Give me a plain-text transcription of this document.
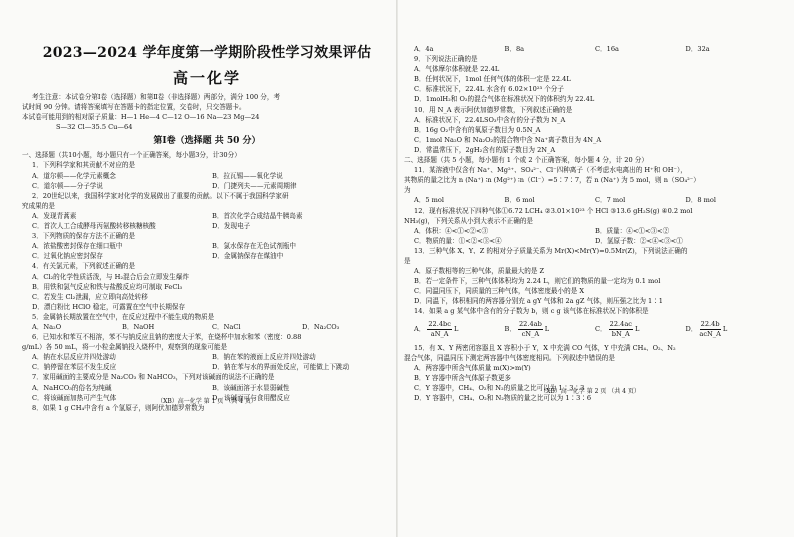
2023—2024 学年度第一学期阶段性学习效果评估
高一化学
考生注意：本试卷分第Ⅰ卷（选择题）和第Ⅱ卷（非选择题）两部分，满分 100 分，考
试时间 90 分钟。请将答案填写在答题卡的指定位置，交卷时，只交答题卡。
本试卷可能用到的相对原子质量：H—1 He—4 C—12 O—16 Na—23 Mg—24
S—32 Cl—35.5 Cu—64
第Ⅰ卷（选择题 共 50 分）
一、选择题（共10小题，每小题只有一个正确答案，每小题3分，计30分）
1．下列科学家和其贡献不对应的是
A．道尔顿——化学元素概念	B．拉瓦锡——氧化学说
C．道尔顿——分子学说	D．门捷列夫——元素周期律
2．20世纪以来，我国科学家对化学的发展做出了重要的贡献。以下不属于我国科学家研
究成果的是
A．发现青蒿素	B．首次化学合成结晶牛胰岛素
C．首次人工合成酵母丙氨酸转移核糖核酸	D．发现电子
3．下列物质的保存方法不正确的是
A．浓盐酸密封保存在细口瓶中	B．氯水保存在无色试剂瓶中
C．过氧化钠应密封保存	D．金属钠保存在煤油中
4．有关氯元素，下列叙述正确的是
A．Cl₂的化学性质活泼，与 H₂混合后会立即发生爆炸
B．用铁和氯气反应和铁与盐酸反应均可制取 FeCl₃
C．若发生 Cl₂泄漏，应立即向高处转移
D．漂白粉比 HClO 稳定，可露置在空气中长期保存
5．金属钠长期放置在空气中，在反应过程中不能生成的物质是
A．Na₂O	B．NaOH	C．NaCl	D．Na₂CO₃
6．已知水和苯互不相溶，苯不与钠反应且钠的密度大于苯，在烧杯中加水和苯（密度：0.88
g/mL）各 50 mL，将一小粒金属钠投入烧杯中，观察到的现象可能是
A．钠在水层反应并四处游动	B．钠在苯的液面上反应并四处游动
C．钠停留在苯层不发生反应	D．钠在苯与水的界面处反应，可能做上下跳动
7．家用碱面的主要成分是 Na₂CO₃ 和 NaHCO₃，下列对该碱面的说法不正确的是
A．NaHCO₃的俗名为纯碱	B．该碱面溶于水显弱碱性
C．将该碱面加热可产生气体	D．该碱面可与食用醋反应
8．如果 1 g CH₄中含有 a 个氢原子，则阿伏加德罗常数为
（XB）高一化学 第 1 页 （共 4 页）
A．4a	B．8a	C．16a	D．32a
9．下列说法正确的是
A．气体摩尔体积就是 22.4L
B．任何状况下，1mol 任何气体的体积一定是 22.4L
C．标准状况下，22.4L 水含有 6.02×10²³ 个分子
D．1molH₂和 O₂的混合气体在标准状况下的体积约为 22.4L
10．用 N_A 表示阿伏加德罗常数，下列叙述正确的是
A．标准状况下，22.4LSO₃中含有的分子数为 N_A
B．16g O₂中含有的氧原子数目为 0.5N_A
C．1mol Na₂O 和 Na₂O₂的混合物中含 Na⁺离子数目为 4N_A
D．常温常压下，2gH₂含有的原子数目为 2N_A
二、选择题（共 5 小题，每小题有 1 个或 2 个正确答案，每小题 4 分，计 20 分）
11．某溶液中仅含有 Na⁺、Mg²⁺、SO₄²⁻、Cl⁻四种离子（不考虑水电离出的 H⁺和 OH⁻），
其物质的量之比为 n (Na⁺) ∶n (Mg²⁺) ∶n（Cl⁻）=5∶7∶7，若 n (Na⁺) 为 5 mol，则 n（SO₄²⁻）
为
A．5 mol	B．6 mol	C．7 mol	D．8 mol
12．现有标准状况下四种气体①6.72 LCH₄ ②3.01×10²³ 个 HCl ③13.6 gH₂S(g) ④0.2 mol
NH₃(g)，下列关系从小到大表示不正确的是
A．体积：④<①<②<③	B．质量：④<①<③<②
C．物质的量：①<②<③<④	D．氢原子数：②<④<③<①
13．三种气体 X、Y、Z 的相对分子质量关系为 Mr(X)<Mr(Y)=0.5Mr(Z)，下列说法正确的
是
A．原子数相等的三种气体，质量最大的是 Z
B．若一定条件下，三种气体体积均为 2.24 L，则它们的物质的量一定均为 0.1 mol
C．同温同压下，同质量的三种气体，气体密度最小的是 X
D．同温下，体积相同的两容器分别充 a gY 气体和 2a gZ 气体，则压强之比为 1∶1
14．如果 a g 某气体中含有的分子数为 b，则 c g 该气体在标准状况下的体积是
A． $\frac{22.4bc}{aN\_A}$ L	B． $\frac{22.4ab}{cN\_A}$ L	C． $\frac{22.4ac}{bN\_A}$ L	D． $\frac{22.4b}{\text{acN\_A}}$ L
15．有 X、Y 两密闭容器且 X 容积小于 Y，X 中充满 CO 气体，Y 中充满 CH₄、O₂、N₂
混合气体，同温同压下测定两容器中气体密度相同。下列叙述中错误的是
A．两容器中所含气体质量 m(X)>m(Y)
B．Y 容器中所含气体原子数更多
C．Y 容器中，CH₄、O₂和 N₂的质量之比可以为 1∶3∶3
D．Y 容器中，CH₄、O₂和 N₂物质的量之比可以为 1∶3∶6
（XB）高一化学 第 2 页 （共 4 页）
